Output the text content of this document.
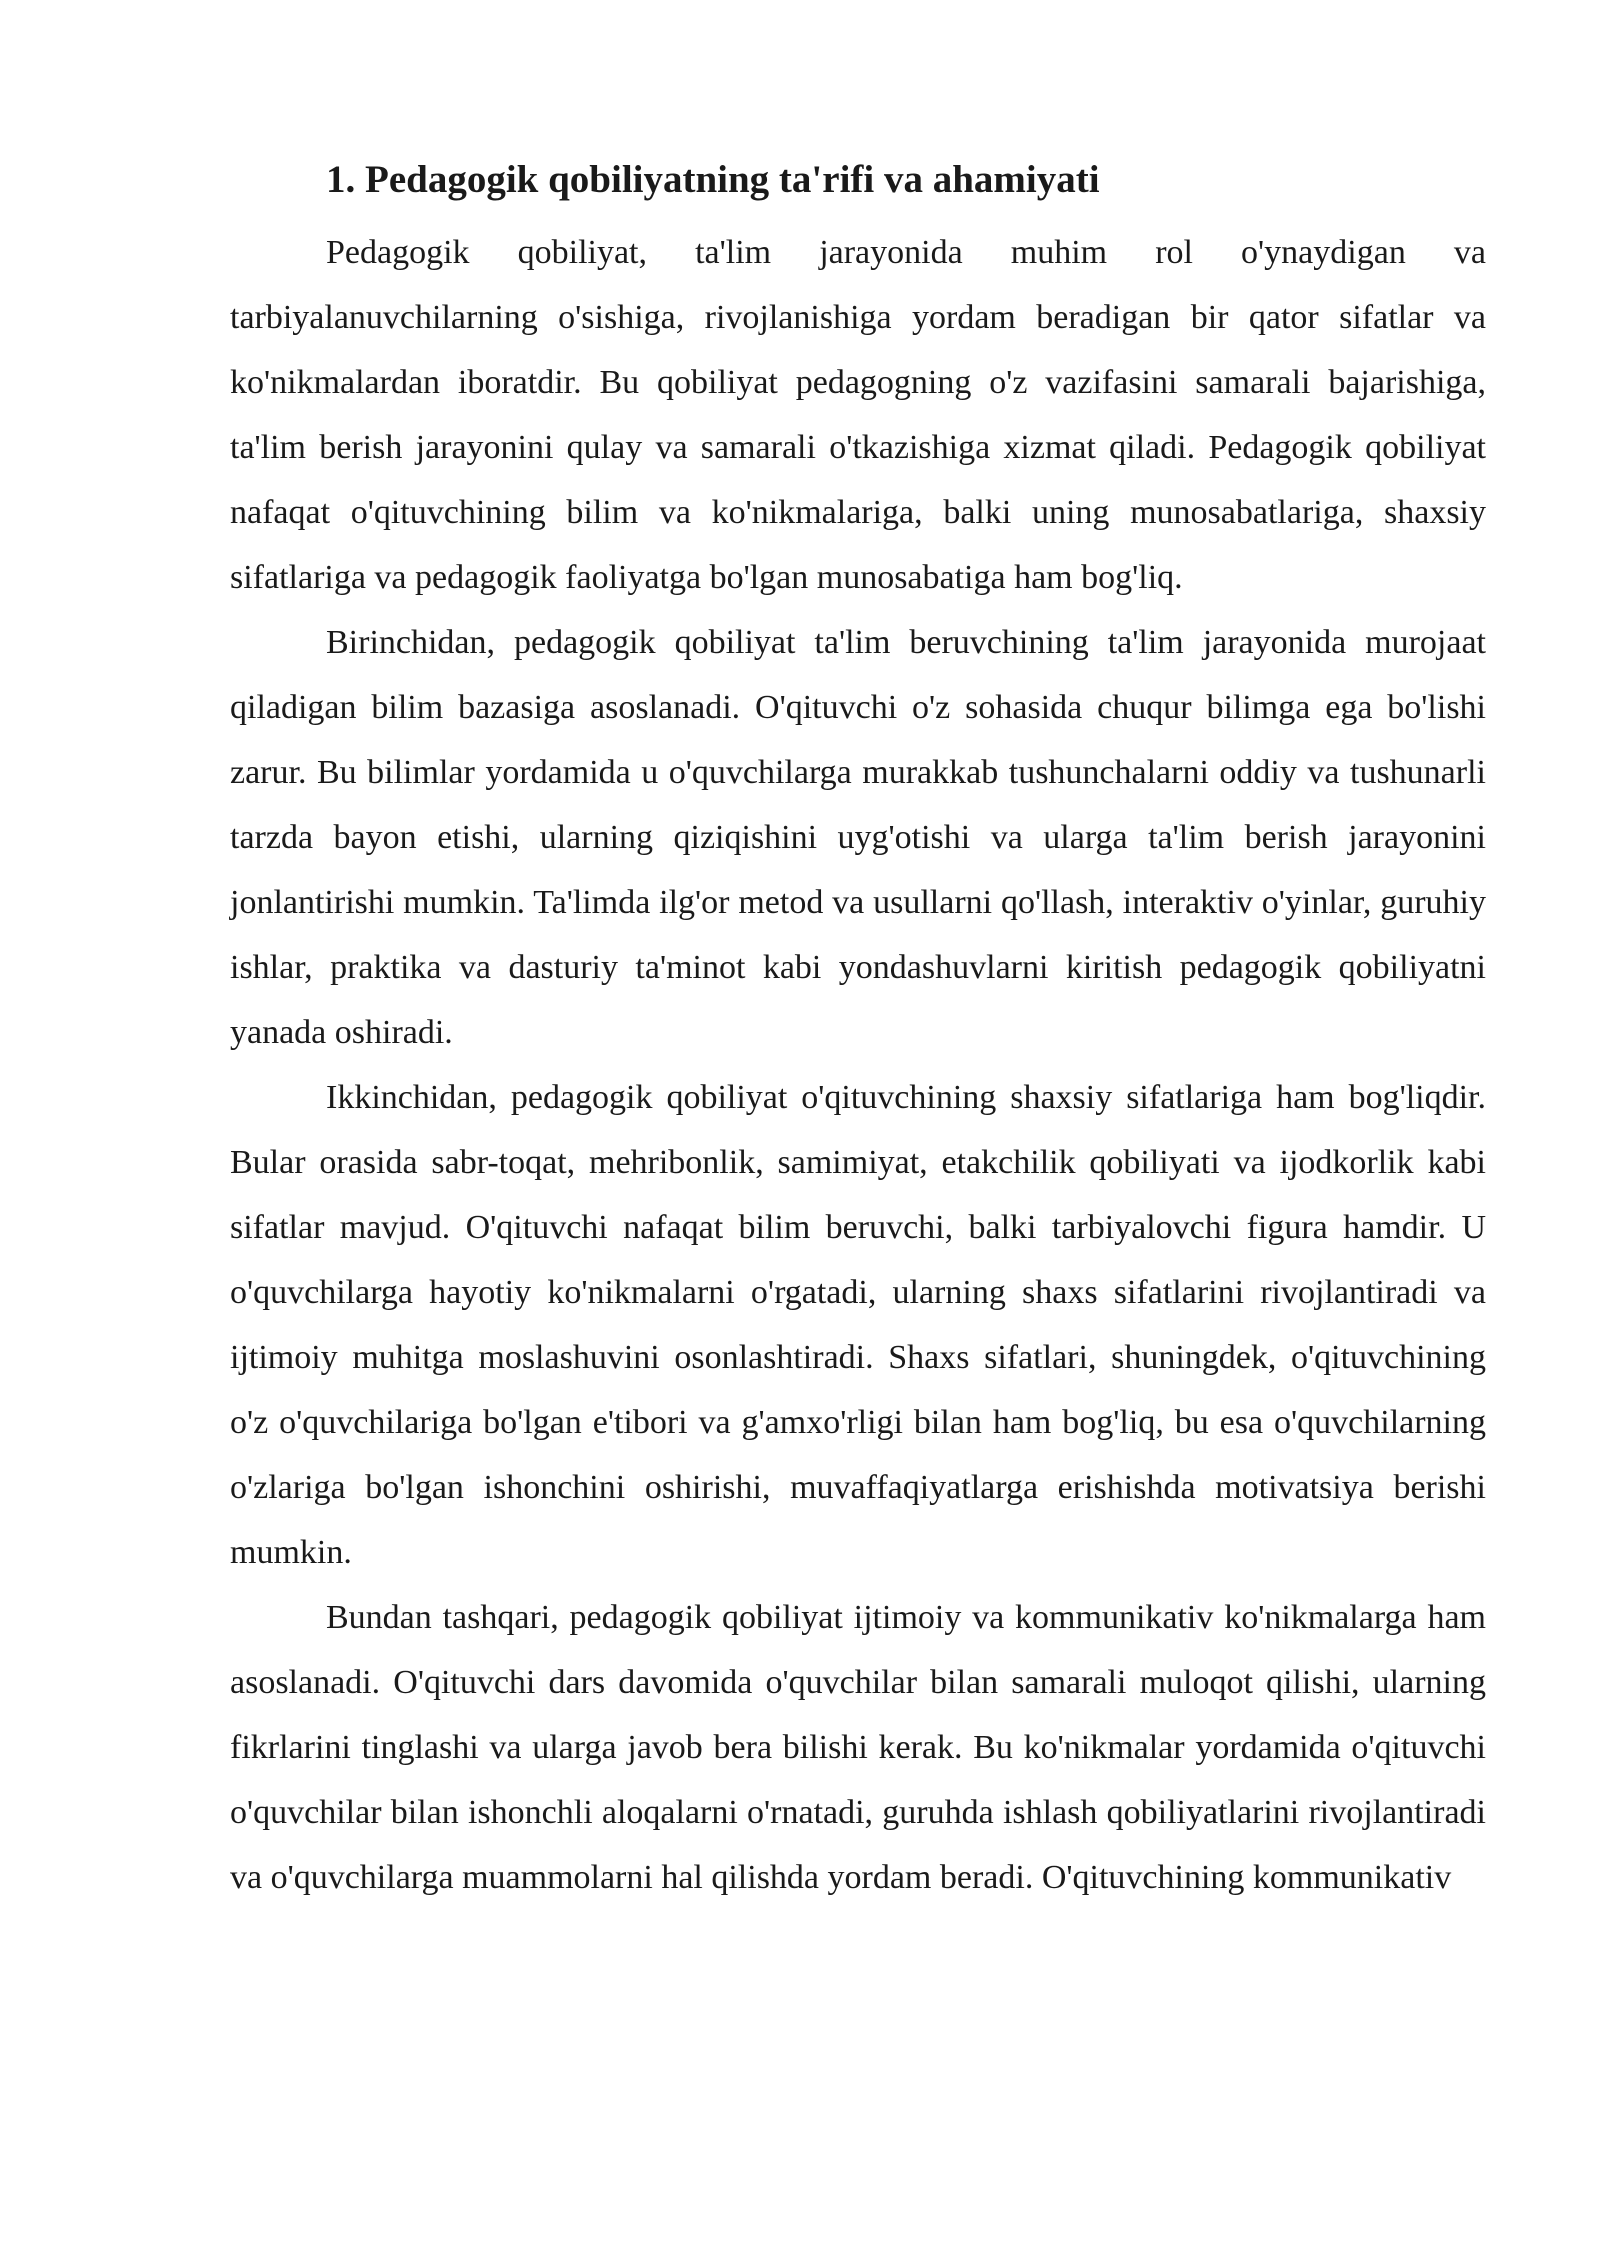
1. Pedagogik qobiliyatning ta'rifi va ahamiyati

Pedagogik qobiliyat, ta'lim jarayonida muhim rol o'ynaydigan va tarbiyalanuvchilarning o'sishiga, rivojlanishiga yordam beradigan bir qator sifatlar va ko'nikmalardan iboratdir. Bu qobiliyat pedagogning o'z vazifasini samarali bajarishiga, ta'lim berish jarayonini qulay va samarali o'tkazishiga xizmat qiladi. Pedagogik qobiliyat nafaqat o'qituvchining bilim va ko'nikmalariga, balki uning munosabatlariga, shaxsiy sifatlariga va pedagogik faoliyatga bo'lgan munosabatiga ham bog'liq.

Birinchidan, pedagogik qobiliyat ta'lim beruvchining ta'lim jarayonida murojaat qiladigan bilim bazasiga asoslanadi. O'qituvchi o'z sohasida chuqur bilimga ega bo'lishi zarur. Bu bilimlar yordamida u o'quvchilarga murakkab tushunchalarni oddiy va tushunarli tarzda bayon etishi, ularning qiziqishini uyg'otishi va ularga ta'lim berish jarayonini jonlantirishi mumkin. Ta'limda ilg'or metod va usullarni qo'llash, interaktiv o'yinlar, guruhiy ishlar, praktika va dasturiy ta'minot kabi yondashuvlarni kiritish pedagogik qobiliyatni yanada oshiradi.

Ikkinchidan, pedagogik qobiliyat o'qituvchining shaxsiy sifatlariga ham bog'liqdir. Bular orasida sabr-toqat, mehribonlik, samimiyat, etakchilik qobiliyati va ijodkorlik kabi sifatlar mavjud. O'qituvchi nafaqat bilim beruvchi, balki tarbiyalovchi figura hamdir. U o'quvchilarga hayotiy ko'nikmalarni o'rgatadi, ularning shaxs sifatlarini rivojlantiradi va ijtimoiy muhitga moslashuvini osonlashtiradi. Shaxs sifatlari, shuningdek, o'qituvchining o'z o'quvchilariga bo'lgan e'tibori va g'amxo'rligi bilan ham bog'liq, bu esa o'quvchilarning o'zlariga bo'lgan ishonchini oshirishi, muvaffaqiyatlarga erishishda motivatsiya berishi mumkin.

Bundan tashqari, pedagogik qobiliyat ijtimoiy va kommunikativ ko'nikmalarga ham asoslanadi. O'qituvchi dars davomida o'quvchilar bilan samarali muloqot qilishi, ularning fikrlarini tinglashi va ularga javob bera bilishi kerak. Bu ko'nikmalar yordamida o'qituvchi o'quvchilar bilan ishonchli aloqalarni o'rnatadi, guruhda ishlash qobiliyatlarini rivojlantiradi va o'quvchilarga muammolarni hal qilishda yordam beradi. O'qituvchining kommunikativ
